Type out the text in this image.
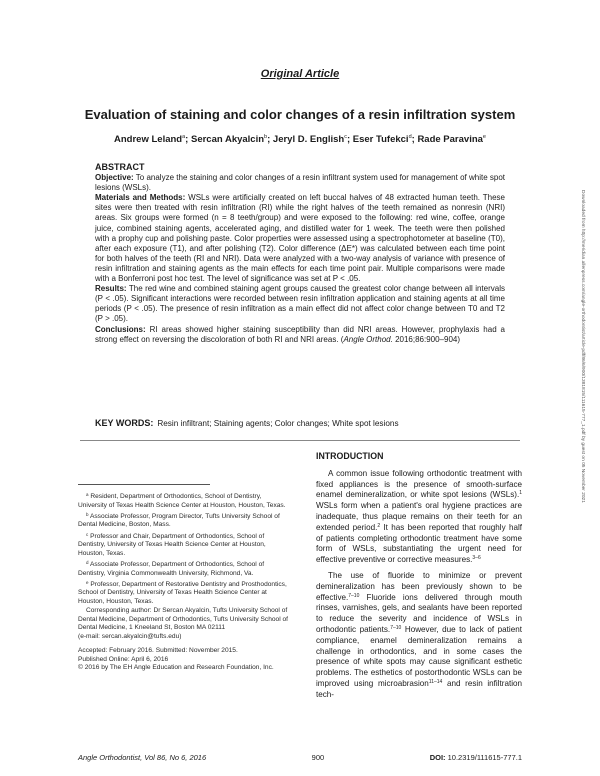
Original Article
Evaluation of staining and color changes of a resin infiltration system
Andrew Leland$^a$; Sercan Akyalcin$^b$; Jeryl D. English$^c$; Eser Tufekci$^d$; Rade Paravina$^e$
ABSTRACT

Objective: To analyze the staining and color changes of a resin infiltrant system used for management of white spot lesions (WSLs).

Materials and Methods: WSLs were artificially created on left buccal halves of 48 extracted human teeth. These sites were then treated with resin infiltration (RI) while the right halves of the teeth remained as nonresin (NRI) areas. Six groups were formed (n = 8 teeth/group) and were exposed to the following: red wine, coffee, orange juice, combined staining agents, accelerated aging, and distilled water for 1 week. The teeth were then polished with a prophy cup and polishing paste. Color properties were assessed using a spectrophotometer at baseline (T0), after each exposure (T1), and after polishing (T2). Color difference (ΔE*) was calculated between each time point for both halves of the teeth (RI and NRI). Data were analyzed with a two-way analysis of variance with presence of resin infiltration and staining agents as the main effects for each time point pair. Multiple comparisons were made with a Bonferroni post hoc test. The level of significance was set at P < .05.

Results: The red wine and combined staining agent groups caused the greatest color change between all intervals (P < .05). Significant interactions were recorded between resin infiltration application and staining agents at all time periods (P < .05). The presence of resin infiltration as a main effect did not affect color change between T0 and T2 (P > .05).

Conclusions: RI areas showed higher staining susceptibility than did NRI areas. However, prophylaxis had a strong effect on reversing the discoloration of both RI and NRI areas. (Angle Orthod. 2016;86:900–904)

KEY WORDS: Resin infiltrant; Staining agents; Color changes; White spot lesions

$^a$ Resident, Department of Orthodontics, School of Dentistry, University of Texas Health Science Center at Houston, Houston, Texas.

$^b$ Associate Professor, Program Director, Tufts University School of Dental Medicine, Boston, Mass.

$^c$ Professor and Chair, Department of Orthodontics, School of Dentistry, University of Texas Health Science Center at Houston, Houston, Texas.

$^d$ Associate Professor, Department of Orthodontics, School of Dentistry, Virginia Commonwealth University, Richmond, Va.

$^e$ Professor, Department of Restorative Dentistry and Prosthodontics, School of Dentistry, University of Texas Health Science Center at Houston, Houston, Texas.

Corresponding author: Dr Sercan Akyalcin, Tufts University School of Dental Medicine, Department of Orthodontics, Tufts University School of Dental Medicine, 1 Kneeland St, Boston MA 02111

(e-mail: sercan.akyalcin@tufts.edu)

Accepted: February 2016. Submitted: November 2015.

Published Online: April 6, 2016

© 2016 by The EH Angle Education and Research Foundation, Inc.

INTRODUCTION

A common issue following orthodontic treatment with fixed appliances is the presence of smooth-surface enamel demineralization, or white spot lesions (WSLs).$^1$ WSLs form when a patient's oral hygiene practices are inadequate, thus plaque remains on their teeth for an extended period.$^2$ It has been reported that roughly half of patients completing orthodontic treatment have some form of WSLs, substantiating the urgent need for effective preventive or corrective measures.$^{3-6}$

The use of fluoride to minimize or prevent demineralization has been previously shown to be effective.$^{7-10}$ Fluoride ions delivered through mouth rinses, varnishes, gels, and sealants have been reported to reduce the severity and incidence of WSLs in orthodontic patients.$^{7-10}$ However, due to lack of patient compliance, enamel demineralization remains a challenge in orthodontics, and in some cases the presence of white spots may cause significant esthetic problems. The esthetics of postorthodontic WSLs can be improved using microabrasion$^{11-14}$ and resin infiltration tech-

Downloaded from http://meridian.allenpress.com/angle-orthodontist/article-pdf/86/6/900/1381815/111615-777_1.pdf by guest on 05 November 2021
Angle Orthodontist, Vol 86, No 6, 2016	900	DOI: 10.2319/111615-777.1
